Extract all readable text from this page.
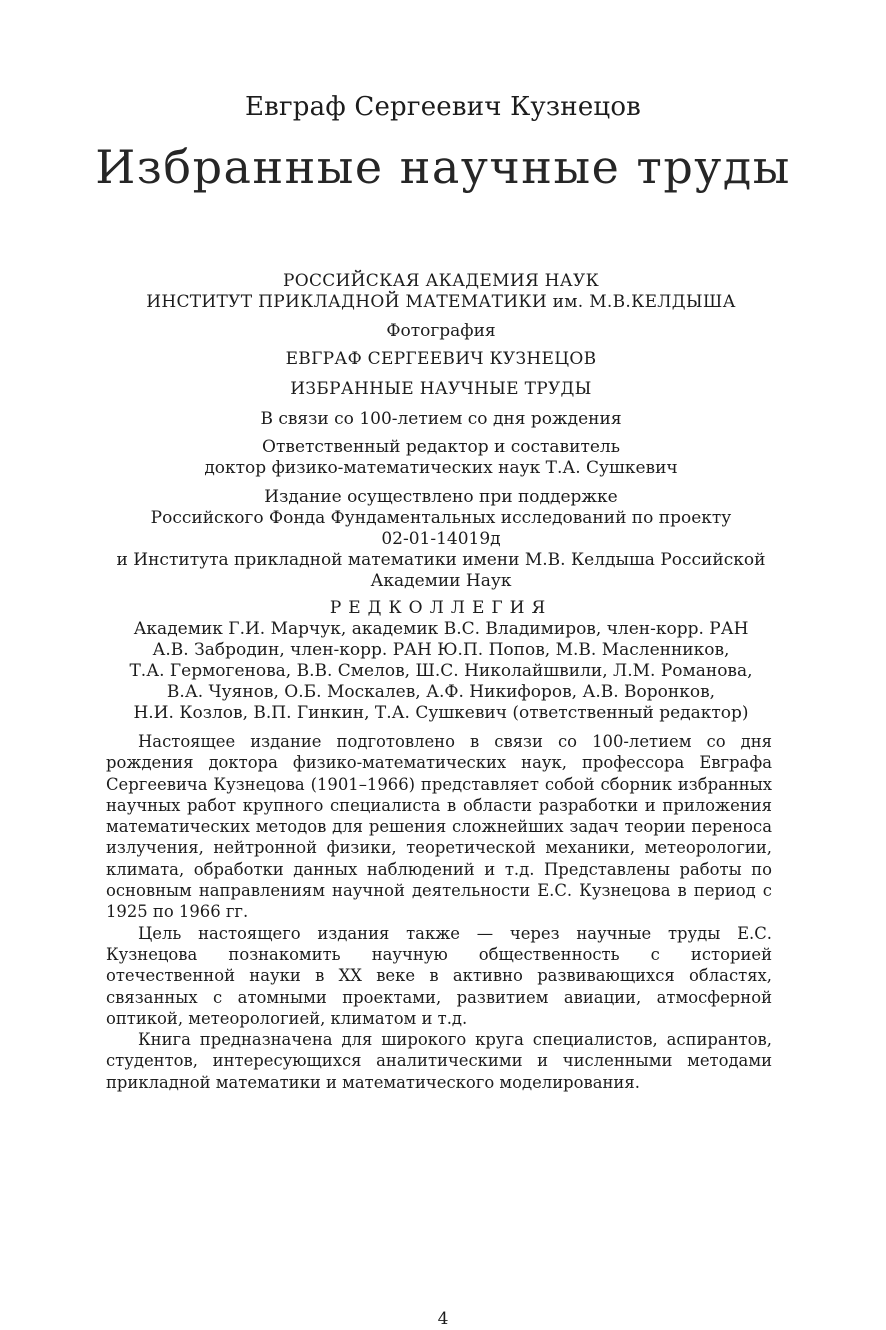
Евграф Сергеевич Кузнецов
Избранные научные труды
РОССИЙСКАЯ АКАДЕМИЯ НАУК
ИНСТИТУТ ПРИКЛАДНОЙ МАТЕМАТИКИ им. М.В.КЕЛДЫША
Фотография
ЕВГРАФ СЕРГЕЕВИЧ КУЗНЕЦОВ
ИЗБРАННЫЕ НАУЧНЫЕ ТРУДЫ
В связи со 100-летием со дня рождения
Ответственный редактор и составитель
доктор физико-математических наук Т.А. Сушкевич
Издание осуществлено при поддержке
Российского Фонда Фундаментальных исследований по проекту
02-01-14019д
и Института прикладной математики имени М.В. Келдыша Российской
Академии Наук
РЕДКОЛЛЕГИЯ
Академик Г.И. Марчук, академик В.С. Владимиров, член-корр. РАН
А.В. Забродин, член-корр. РАН Ю.П. Попов, М.В. Масленников,
Т.А. Гермогенова, В.В. Смелов, Ш.С. Николайшвили, Л.М. Романова,
В.А. Чуянов, О.Б. Москалев, А.Ф. Никифоров, А.В. Воронков,
Н.И. Козлов, В.П. Гинкин, Т.А. Сушкевич (ответственный редактор)

Настоящее издание подготовлено в связи со 100-летием со дня рождения доктора физико-математических наук, профессора Евграфа Сергеевича Кузнецова (1901–1966) представляет собой сборник избранных научных работ крупного специалиста в области разработки и приложения математических методов для решения сложнейших задач теории переноса излучения, нейтронной физики, теоретической механики, метеорологии, климата, обработки данных наблюдений и т.д. Представлены работы по основным направлениям научной деятельности Е.С. Кузнецова в период с 1925 по 1966 гг.

Цель настоящего издания также — через научные труды Е.С. Кузнецова познакомить научную общественность с историей отечественной науки в XX веке в активно развивающихся областях, связанных с атомными проектами, развитием авиации, атмосферной оптикой, метеорологией, климатом и т.д.

Книга предназначена для широкого круга специалистов, аспирантов, студентов, интересующихся аналитическими и численными методами прикладной математики и математического моделирования.

4
